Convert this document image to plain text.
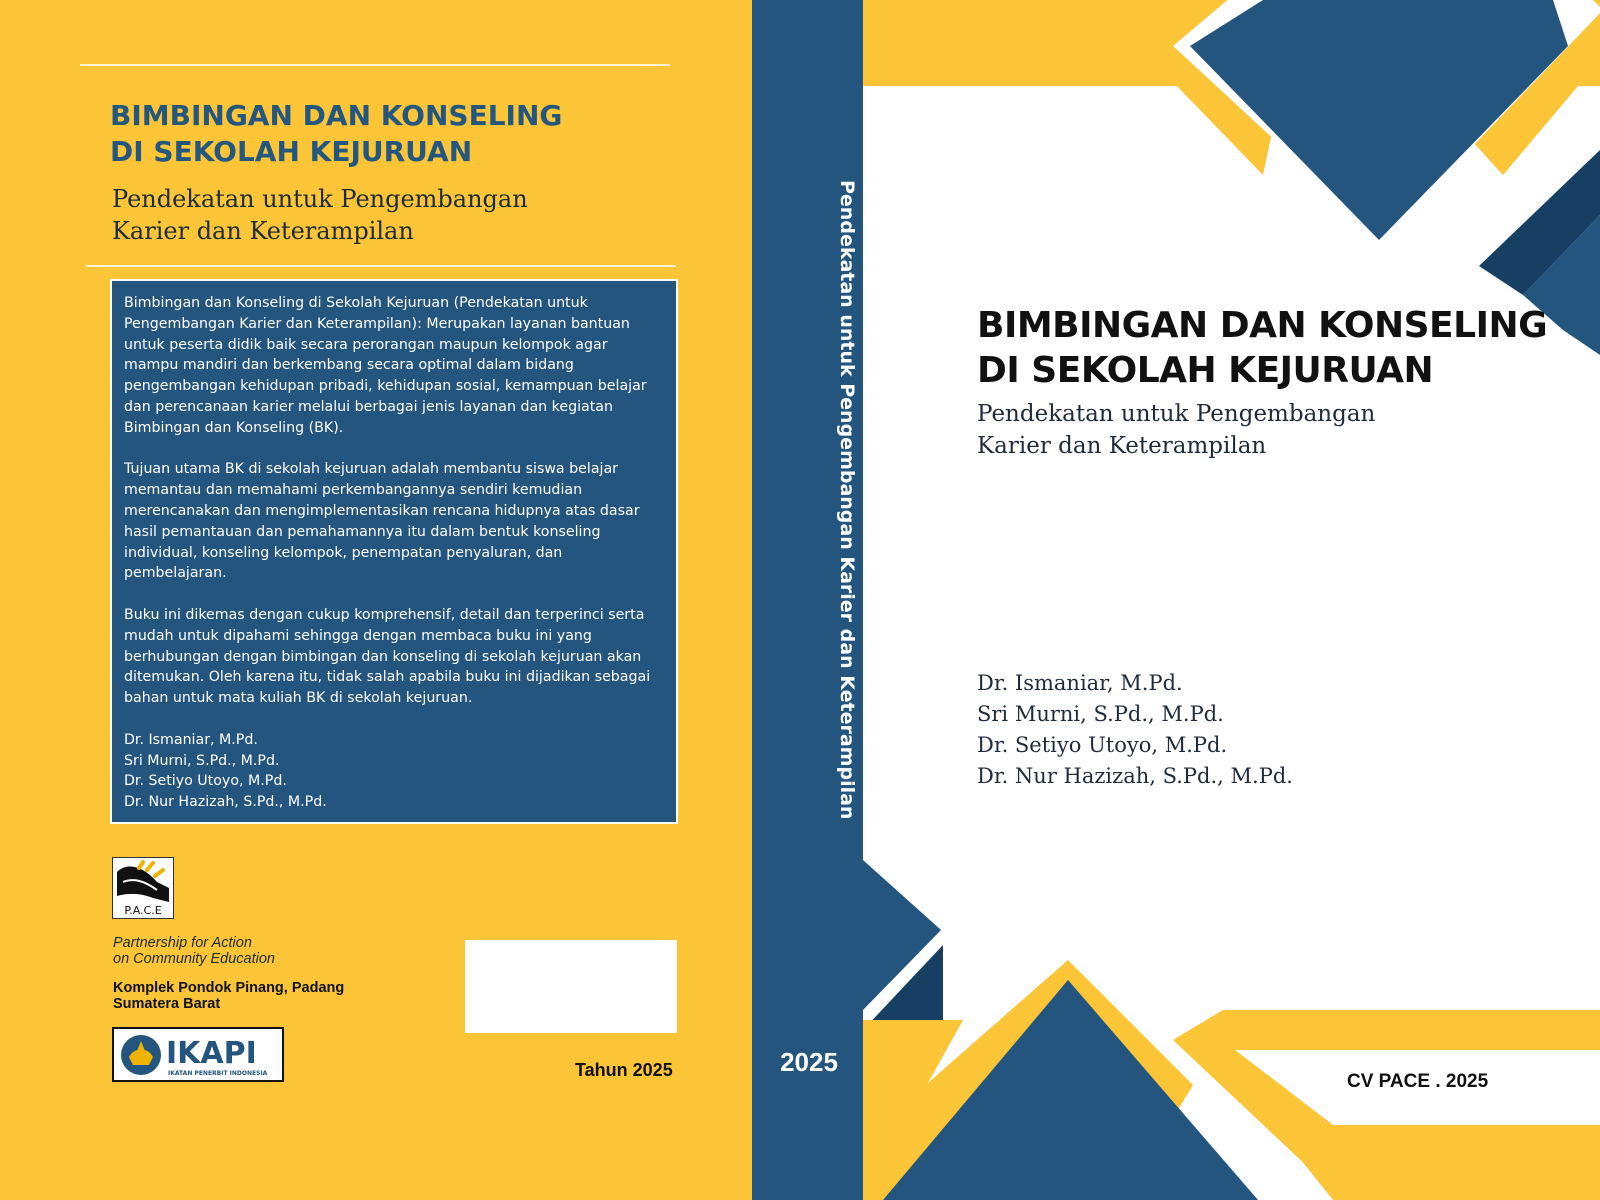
BIMBINGAN DAN KONSELING
DI SEKOLAH KEJURUAN
Pendekatan untuk Pengembangan
Karier dan Keterampilan

Bimbingan dan Konseling di Sekolah Kejuruan (Pendekatan untuk Pengembangan Karier dan Keterampilan): Merupakan layanan bantuan untuk peserta didik baik secara perorangan maupun kelompok agar mampu mandiri dan berkembang secara optimal dalam bidang pengembangan kehidupan pribadi, kehidupan sosial, kemampuan belajar dan perencanaan karier melalui berbagai jenis layanan dan kegiatan Bimbingan dan Konseling (BK).

Tujuan utama BK di sekolah kejuruan adalah membantu siswa belajar memantau dan memahami perkembangannya sendiri kemudian merencanakan dan mengimplementasikan rencana hidupnya atas dasar hasil pemantauan dan pemahamannya itu dalam bentuk konseling individual, konseling kelompok, penempatan penyaluran, dan pembelajaran.

Buku ini dikemas dengan cukup komprehensif, detail dan terperinci serta mudah untuk dipahami sehingga dengan membaca buku ini yang berhubungan dengan bimbingan dan konseling di sekolah kejuruan akan ditemukan. Oleh karena itu, tidak salah apabila buku ini dijadikan sebagai bahan untuk mata kuliah BK di sekolah kejuruan.

Dr. Ismaniar, M.Pd.
Sri Murni, S.Pd., M.Pd.
Dr. Setiyo Utoyo, M.Pd.
Dr. Nur Hazizah, S.Pd., M.Pd.
P.A.C.E
Partnership for Action
on Community Education
Komplek Pondok Pinang, Padang
Sumatera Barat
IKAPI
IKATAN PENERBIT INDONESIA	Tahun 2025
Pendekatan untuk Pengembangan Karier dan Keterampilan
2025
BIMBINGAN DAN KONSELING
DI SEKOLAH KEJURUAN
Pendekatan untuk Pengembangan
Karier dan Keterampilan
Dr. Ismaniar, M.Pd.
Sri Murni, S.Pd., M.Pd.
Dr. Setiyo Utoyo, M.Pd.
Dr. Nur Hazizah, S.Pd., M.Pd.
CV PACE . 2025
